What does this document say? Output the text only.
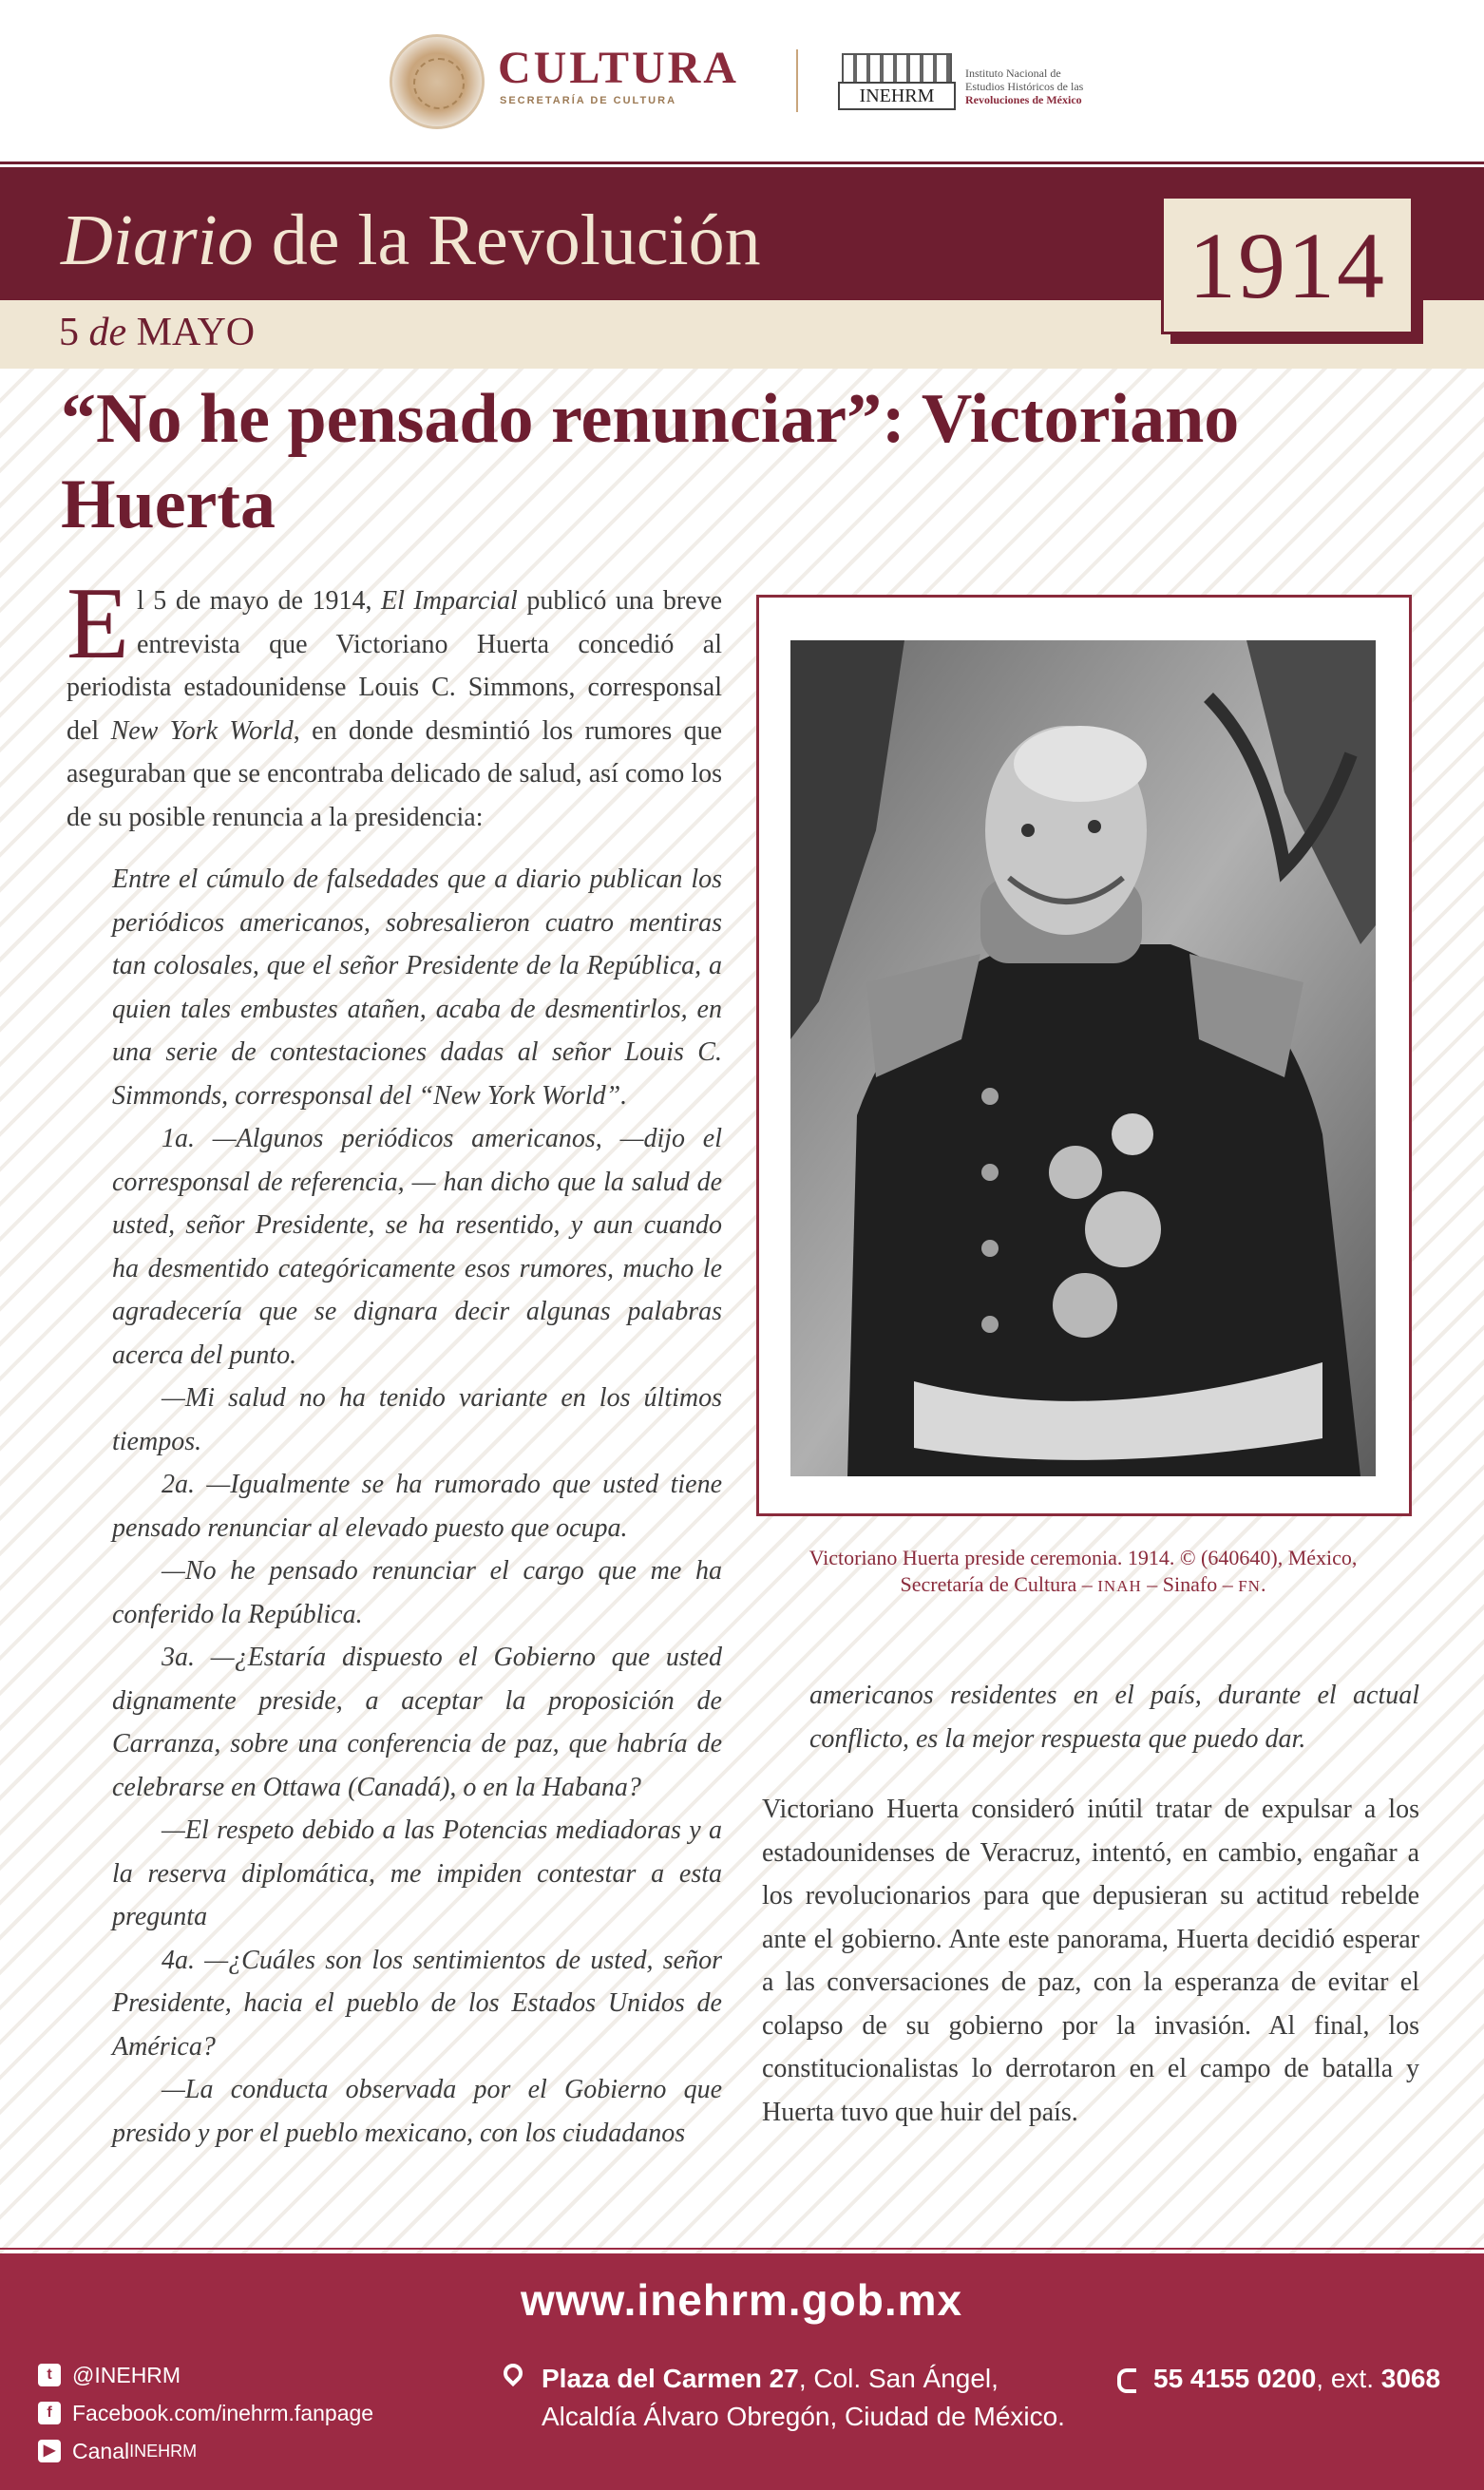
CULTURA
SECRETARÍA DE CULTURA	INEHRM
Instituto Nacional de
Estudios Históricos de las
Revoluciones de México
Diario de la Revolución
5 de MAYO
1914
“No he pensado renunciar”: Victoriano Huerta

El 5 de mayo de 1914, El Imparcial publicó una breve entrevista que Victoriano Huerta concedió al periodista estadounidense Louis C. Simmons, corresponsal del New York World, en donde desmintió los rumores que aseguraban que se encontraba delicado de salud, así como los de su posible renuncia a la presidencia:

Entre el cúmulo de falsedades que a diario publican los periódicos americanos, sobresalieron cuatro mentiras tan colosales, que el señor Presidente de la República, a quien tales embustes atañen, acaba de desmentirlos, en una serie de contestaciones dadas al señor Louis C. Simmonds, corresponsal del “New York World”.

1a. —Algunos periódicos americanos, —dijo el corresponsal de referencia, — han dicho que la salud de usted, señor Presidente, se ha resentido, y aun cuando ha desmentido categóricamente esos rumores, mucho le agradecería que se dignara decir algunas palabras acerca del punto.

—Mi salud no ha tenido variante en los últimos tiempos.

2a. —Igualmente se ha rumorado que usted tiene pensado renunciar al elevado puesto que ocupa.

—No he pensado renunciar el cargo que me ha conferido la República.

3a. —¿Estaría dispuesto el Gobierno que usted dignamente preside, a aceptar la proposición de Carranza, sobre una conferencia de paz, que habría de celebrarse en Ottawa (Canadá), o en la Habana?

—El respeto debido a las Potencias mediadoras y a la reserva diplomática, me impiden contestar a esta pregunta

4a. —¿Cuáles son los sentimientos de usted, señor Presidente, hacia el pueblo de los Estados Unidos de América?

—La conducta observada por el Gobierno que presido y por el pueblo mexicano, con los ciudadanos

Victoriano Huerta preside ceremonia. 1914. © (640640), México,
Secretaría de Cultura – INAH – Sinafo – FN.

americanos residentes en el país, durante el actual conflicto, es la mejor respuesta que puedo dar.

Victoriano Huerta consideró inútil tratar de expulsar a los estadounidenses de Veracruz, intentó, en cambio, engañar a los revolucionarios para que depusieran su actitud rebelde ante el gobierno. Ante este panorama, Huerta decidió esperar a las conversaciones de paz, con la esperanza de evitar el colapso de su gobierno por la invasión. Al final, los constitucionalistas lo derrotaron en el campo de batalla y Huerta tuvo que huir del país.

www.inehrm.gob.mx
t @INEHRM
f Facebook.com/inehrm.fanpage
▶ Canal INEHRM
Plaza del Carmen 27, Col. San Ángel,
Alcaldía Álvaro Obregón, Ciudad de México.
55 4155 0200, ext. 3068
